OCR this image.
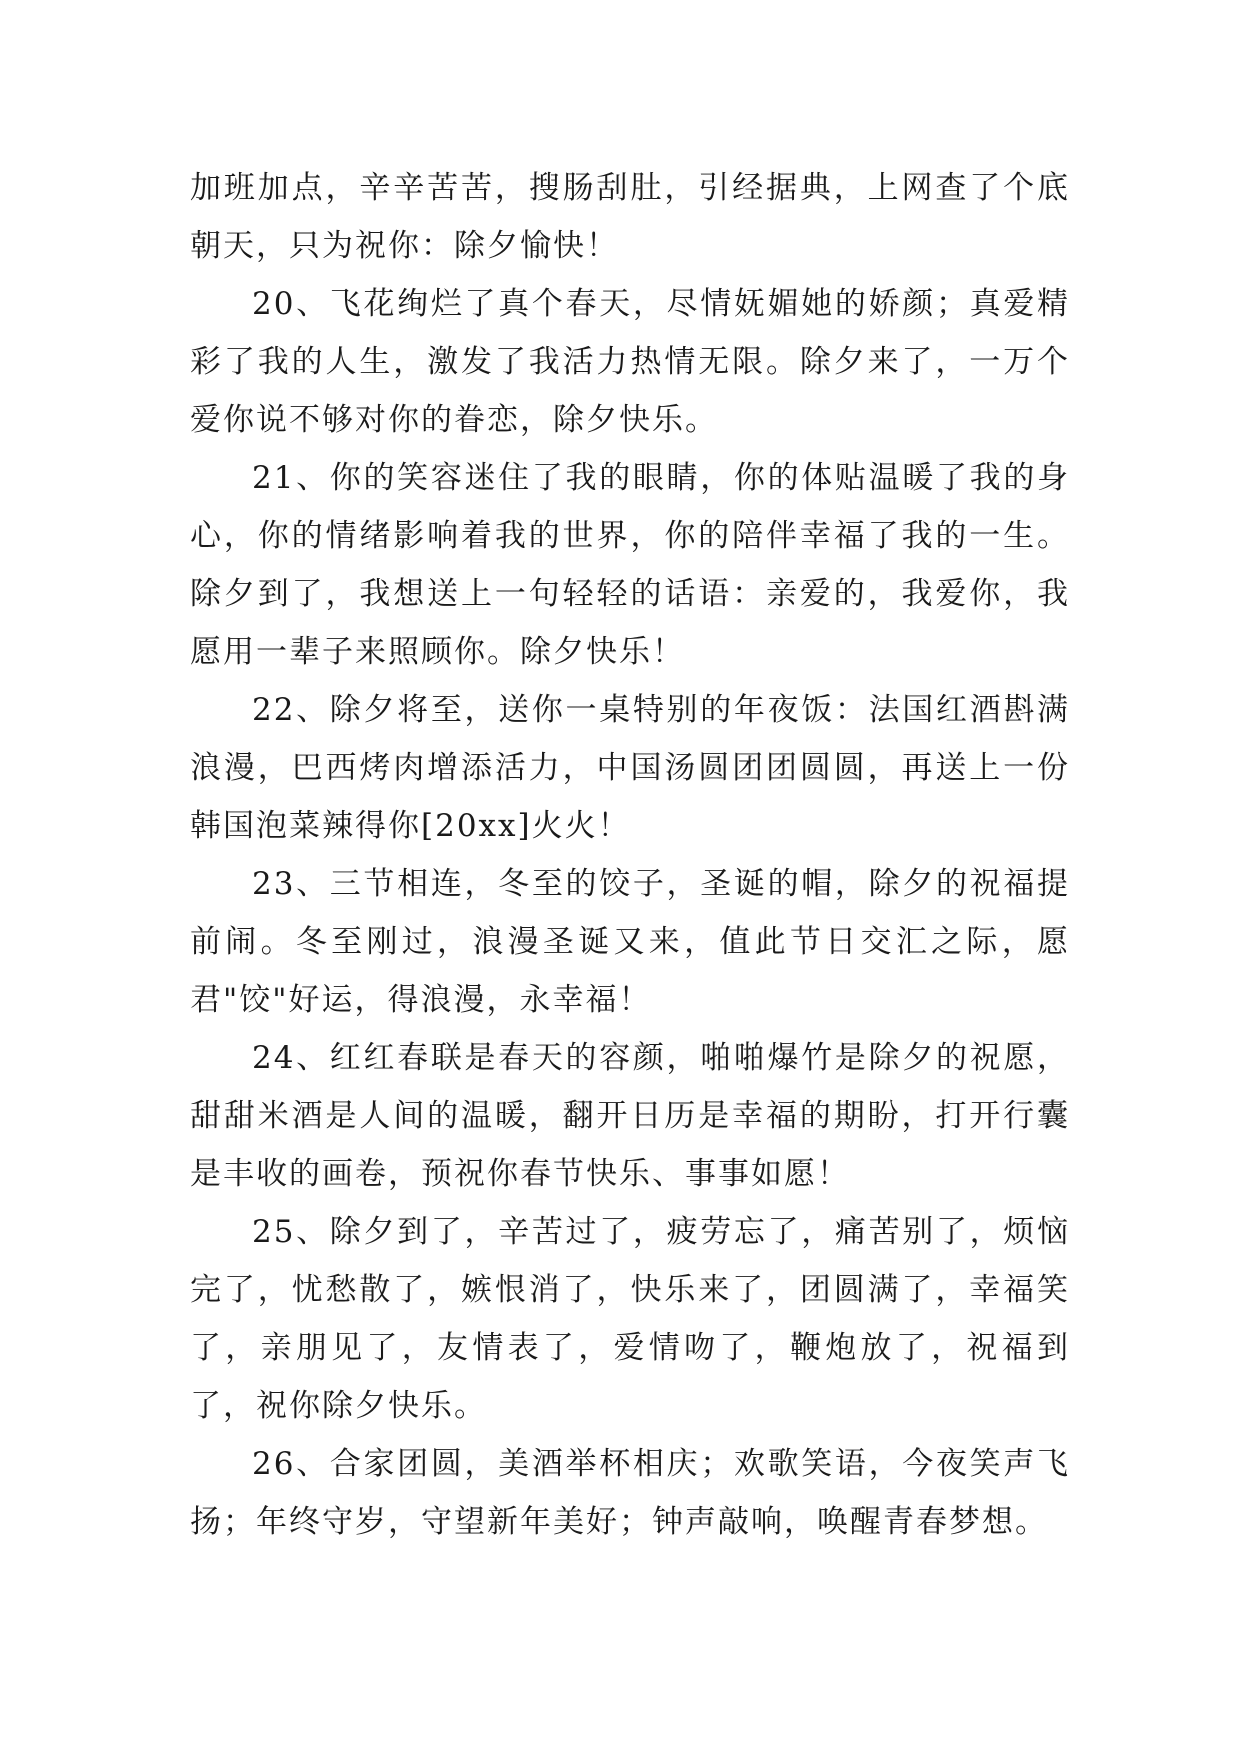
加班加点，辛辛苦苦，搜肠刮肚，引经据典，上网查了个底朝天，只为祝你：除夕愉快！

20、飞花绚烂了真个春天，尽情妩媚她的娇颜；真爱精彩了我的人生，激发了我活力热情无限。除夕来了，一万个爱你说不够对你的眷恋，除夕快乐。

21、你的笑容迷住了我的眼睛，你的体贴温暖了我的身心，你的情绪影响着我的世界，你的陪伴幸福了我的一生。除夕到了，我想送上一句轻轻的话语：亲爱的，我爱你，我愿用一辈子来照顾你。除夕快乐！

22、除夕将至，送你一桌特别的年夜饭：法国红酒斟满浪漫，巴西烤肉增添活力，中国汤圆团团圆圆，再送上一份韩国泡菜辣得你[20xx]火火！

23、三节相连，冬至的饺子，圣诞的帽，除夕的祝福提前闹。冬至刚过，浪漫圣诞又来，值此节日交汇之际，愿君"饺"好运，得浪漫，永幸福！

24、红红春联是春天的容颜，啪啪爆竹是除夕的祝愿，甜甜米酒是人间的温暖，翻开日历是幸福的期盼，打开行囊是丰收的画卷，预祝你春节快乐、事事如愿！

25、除夕到了，辛苦过了，疲劳忘了，痛苦别了，烦恼完了，忧愁散了，嫉恨消了，快乐来了，团圆满了，幸福笑了，亲朋见了，友情表了，爱情吻了，鞭炮放了，祝福到了，祝你除夕快乐。

26、合家团圆，美酒举杯相庆；欢歌笑语，今夜笑声飞扬；年终守岁，守望新年美好；钟声敲响，唤醒青春梦想。
